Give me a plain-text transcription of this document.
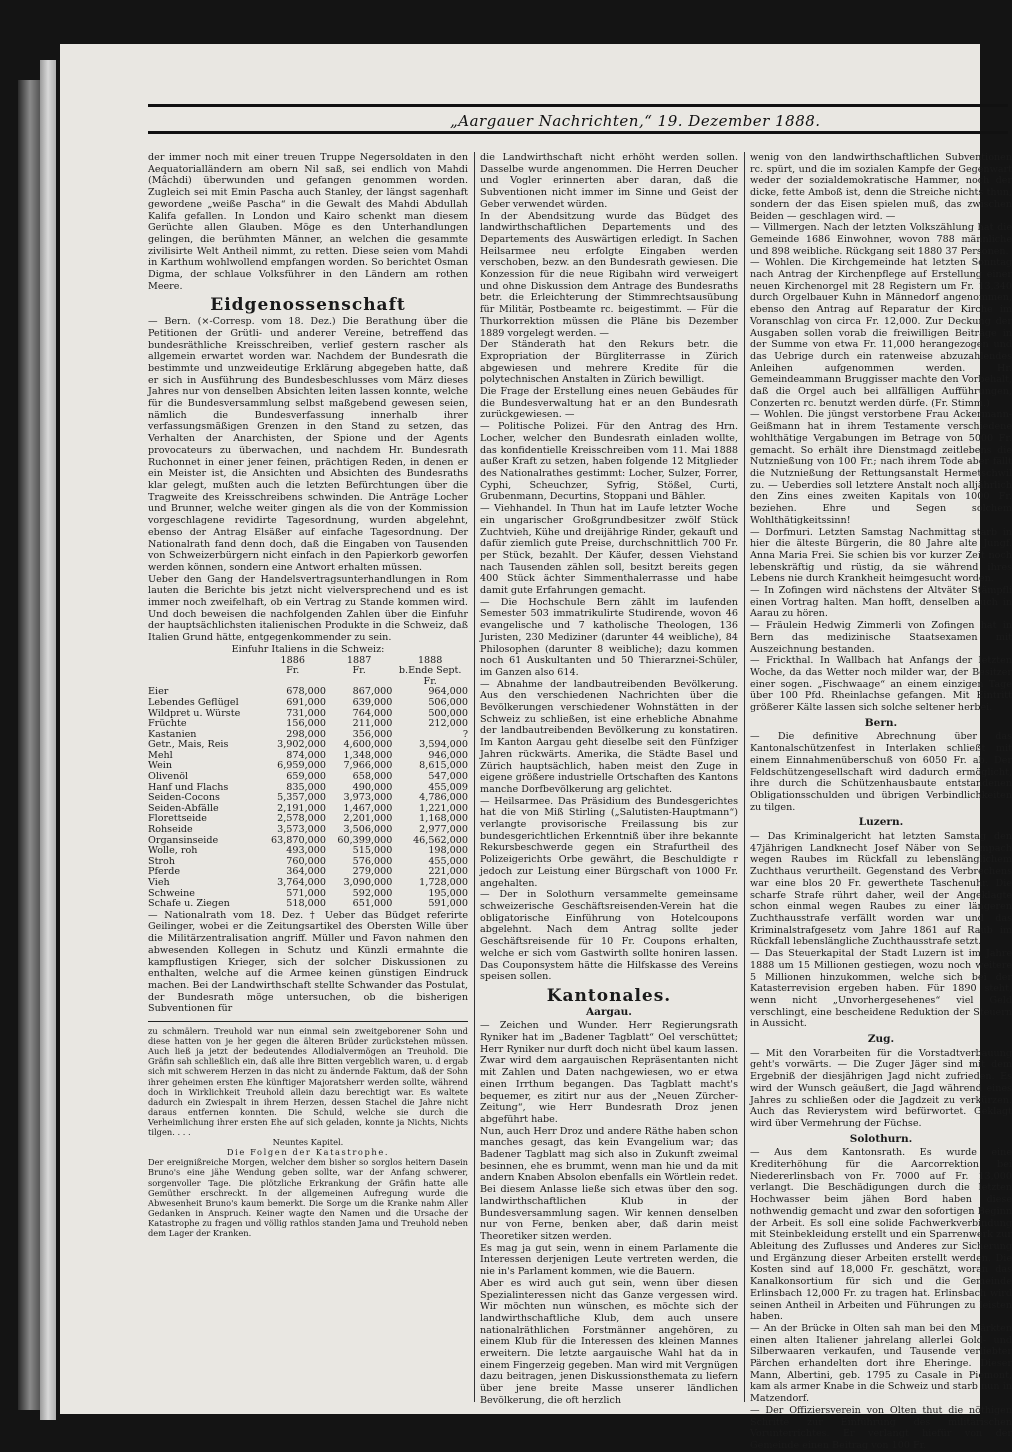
„Aargauer Nachrichten,“ 19. Dezember 1888.

der immer noch mit einer treuen Truppe Negersoldaten in den Aequatorialländern am obern Nil saß, sei endlich von Mahdi (Mâchdi) überwunden und gefangen genommen worden. Zugleich sei mit Emin Pascha auch Stanley, der längst sagenhaft gewordene „weiße Pascha“ in die Gewalt des Mahdi Abdullah Kalifa gefallen. In London und Kairo schenkt man diesem Gerüchte allen Glauben. Möge es den Unterhandlungen gelingen, die berühmten Männer, an welchen die gesammte zivilisirte Welt Antheil nimmt, zu retten. Diese seien vom Mahdi in Karthum wohlwollend empfangen worden. So berichtet Osman Digma, der schlaue Volksführer in den Ländern am rothen Meere.

Eidgenossenschaft

— Bern. (×-Corresp. vom 18. Dez.) Die Berathung über die Petitionen der Grütli- und anderer Vereine, betreffend das bundesräthliche Kreisschreiben, verlief gestern rascher als allgemein erwartet worden war. Nachdem der Bundesrath die bestimmte und unzweideutige Erklärung abgegeben hatte, daß er sich in Ausführung des Bundesbeschlusses vom März dieses Jahres nur von denselben Absichten leiten lassen konnte, welche für die Bundesversammlung selbst maßgebend gewesen seien, nämlich die Bundesverfassung innerhalb ihrer verfassungsmäßigen Grenzen in den Stand zu setzen, das Verhalten der Anarchisten, der Spione und der Agents provocateurs zu überwachen, und nachdem Hr. Bundesrath Ruchonnet in einer jener feinen, prächtigen Reden, in denen er ein Meister ist, die Ansichten und Absichten des Bundesraths klar gelegt, mußten auch die letzten Befürchtungen über die Tragweite des Kreisschreibens schwinden. Die Anträge Locher und Brunner, welche weiter gingen als die von der Kommission vorgeschlagene revidirte Tagesordnung, wurden abgelehnt, ebenso der Antrag Elsäßer auf einfache Tagesordnung. Der Nationalrath fand denn doch, daß die Eingaben von Tausenden von Schweizerbürgern nicht einfach in den Papierkorb geworfen werden können, sondern eine Antwort erhalten müssen.

Ueber den Gang der Handelsvertragsunterhandlungen in Rom lauten die Berichte bis jetzt nicht vielversprechend und es ist immer noch zweifelhaft, ob ein Vertrag zu Stande kommen wird. Und doch beweisen die nachfolgenden Zahlen über die Einfuhr der hauptsächlichsten italienischen Produkte in die Schweiz, daß Italien Grund hätte, entgegenkommender zu sein.

Einfuhr Italiens in die Schweiz:

	1886	1887	1888
	Fr.	Fr.	b.Ende Sept.
			Fr.
Eier	678,000	867,000	964,000
Lebendes Geflügel	691,000	639,000	506,000
Wildpret u. Würste	731,000	764,000	500,000
Früchte	156,000	211,000	212,000
Kastanien	298,000	356,000	?
Getr., Mais, Reis	3,902,000	4,600,000	3,594,000
Mehl	874,000	1,348,000	946,000
Wein	6,959,000	7,966,000	8,615,000
Olivenöl	659,000	658,000	547,000
Hanf und Flachs	835,000	490,000	455,009
Seiden-Cocons	5,357,000	3,973,000	4,786,000
Seiden-Abfälle	2,191,000	1,467,000	1,221,000
Florettseide	2,578,000	2,201,000	1,168,000
Rohseide	3,573,000	3,506,000	2,977,000
Organsinseide	63,870,000	60,399,000	46,562,000
Wolle, roh	493,000	515,000	198,000
Stroh	760,000	576,000	455,000
Pferde	364,000	279,000	221,000
Vieh	3,764,000	3,090,000	1,728,000
Schweine	571,000	592,000	195,000
Schafe u. Ziegen	518,000	651,000	591,000

— Nationalrath vom 18. Dez. † Ueber das Büdget referirte Geilinger, wobei er die Zeitungsartikel des Obersten Wille über die Militärzentralisation angriff. Müller und Favon nahmen den abwesenden Kollegen in Schutz und Künzli ermahnte die kampflustigen Krieger, sich der solcher Diskussionen zu enthalten, welche auf die Armee keinen günstigen Eindruck machen. Bei der Landwirthschaft stellte Schwander das Postulat, der Bundesrath möge untersuchen, ob die bisherigen Subventionen für

zu schmälern. Treuhold war nun einmal sein zweitgeborener Sohn und diese hatten von je her gegen die älteren Brüder zurückstehen müssen. Auch ließ ja jetzt der bedeutendes Allodialvermögen an Treuhold. Die Gräfin sah schließlich ein, daß alle ihre Bitten vergeblich waren, u. d ergab sich mit schwerem Herzen in das nicht zu ändernde Faktum, daß der Sohn ihrer geheimen ersten Ehe künftiger Majoratsherr werden sollte, während doch in Wirklichkeit Treuhold allein dazu berechtigt war. Es waltete dadurch ein Zwiespalt in ihrem Herzen, dessen Stachel die Jahre nicht daraus entfernen konnten. Die Schuld, welche sie durch die Verheimlichung ihrer ersten Ehe auf sich geladen, konnte ja Nichts, Nichts tilgen. . . .

Neuntes Kapitel.

Die Folgen der Katastrophe.

Der ereignißreiche Morgen, welcher dem bisher so sorglos heitern Dasein Bruno's eine jähe Wendung geben sollte, war der Anfang schwerer, sorgenvoller Tage. Die plötzliche Erkrankung der Gräfin hatte alle Gemüther erschreckt. In der allgemeinen Aufregung wurde die Abwesenheit Bruno's kaum bemerkt. Die Sorge um die Kranke nahm Aller Gedanken in Anspruch. Keiner wagte den Namen und die Ursache der Katastrophe zu fragen und völlig rathlos standen Jama und Treuhold neben dem Lager der Kranken.

die Landwirthschaft nicht erhöht werden sollen. Dasselbe wurde angenommen. Die Herren Deucher und Vogler erinnerten aber daran, daß die Subventionen nicht immer im Sinne und Geist der Geber verwendet würden.

In der Abendsitzung wurde das Büdget des landwirthschaftlichen Departements und des Departements des Auswärtigen erledigt. In Sachen Heilsarmee neu erfolgte Eingaben werden verschoben, bezw. an den Bundesrath gewiesen. Die Konzession für die neue Rigibahn wird verweigert und ohne Diskussion dem Antrage des Bundesraths betr. die Erleichterung der Stimmrechtsausübung für Militär, Postbeamte rc. beigestimmt. — Für die Thurkorrektion müssen die Pläne bis Dezember 1889 vorgelegt werden. —

Der Ständerath hat den Rekurs betr. die Expropriation der Bürgliterrasse in Zürich abgewiesen und mehrere Kredite für die polytechnischen Anstalten in Zürich bewilligt.

Die Frage der Erstellung eines neuen Gebäudes für die Bundesverwaltung hat er an den Bundesrath zurückgewiesen. —

— Politische Polizei. Für den Antrag des Hrn. Locher, welcher den Bundesrath einladen wollte, das konfidentielle Kreisschreiben vom 11. Mai 1888 außer Kraft zu setzen, haben folgende 12 Mitglieder des Nationalrathes gestimmt: Locher, Sulzer, Forrer, Cyphi, Scheuchzer, Syfrig, Stößel, Curti, Grubenmann, Decurtins, Stoppani und Bähler.

— Viehhandel. In Thun hat im Laufe letzter Woche ein ungarischer Großgrundbesitzer zwölf Stück Zuchtvieh, Kühe und dreijährige Rinder, gekauft und dafür ziemlich gute Preise, durchschnittlich 700 Fr. per Stück, bezahlt. Der Käufer, dessen Viehstand nach Tausenden zählen soll, besitzt bereits gegen 400 Stück ächter Simmenthalerrasse und habe damit gute Erfahrungen gemacht.

— Die Hochschule Bern zählt im laufenden Semester 503 immatrikulirte Studirende, wovon 46 evangelische und 7 katholische Theologen, 136 Juristen, 230 Mediziner (darunter 44 weibliche), 84 Philosophen (darunter 8 weibliche); dazu kommen noch 61 Auskultanten und 50 Thierarznei-Schüler, im Ganzen also 614.

— Abnahme der landbautreibenden Bevölkerung. Aus den verschiedenen Nachrichten über die Bevölkerungen verschiedener Wohnstätten in der Schweiz zu schließen, ist eine erhebliche Abnahme der landbautreibenden Bevölkerung zu konstatiren. Im Kanton Aargau geht dieselbe seit den Fünfziger Jahren rückwärts. Amerika, die Städte Basel und Zürich hauptsächlich, haben meist den Zuge in eigene größere industrielle Ortschaften des Kantons manche Dorfbevölkerung arg gelichtet.

— Heilsarmee. Das Präsidium des Bundesgerichtes hat die von Miß Stirling („Salutisten-Hauptmann“) verlangte provisorische Freilassung bis zur bundesgerichtlichen Erkenntniß über ihre bekannte Rekursbeschwerde gegen ein Strafurtheil des Polizeigerichts Orbe gewährt, die Beschuldigte r jedoch zur Leistung einer Bürgschaft von 1000 Fr. angehalten.

— Der in Solothurn versammelte gemeinsame schweizerische Geschäftsreisenden-Verein hat die obligatorische Einführung von Hotelcoupons abgelehnt. Nach dem Antrag sollte jeder Geschäftsreisende für 10 Fr. Coupons erhalten, welche er sich vom Gastwirth sollte honiren lassen. Das Couponsystem hätte die Hilfskasse des Vereins speisen sollen.

Kantonales.
Aargau.

— Zeichen und Wunder. Herr Regierungsrath Ryniker hat im „Badener Tagblatt“ Oel verschüttet; Herr Ryniker nur durft doch nicht übel kaum lassen. Zwar wird dem aargauischen Repräsentanten nicht mit Zahlen und Daten nachgewiesen, wo er etwa einen Irrthum begangen. Das Tagblatt macht's bequemer, es zitirt nur aus der „Neuen Zürcher-Zeitung“, wie Herr Bundesrath Droz jenen abgeführt habe.

Nun, auch Herr Droz und andere Räthe haben schon manches gesagt, das kein Evangelium war; das Badener Tagblatt mag sich also in Zukunft zweimal besinnen, ehe es brummt, wenn man hie und da mit andern Knaben Absolon ebenfalls ein Wörtlein redet.

Bei diesem Anlasse ließe sich etwas über den sog. landwirthschaftlichen Klub in der Bundesversammlung sagen. Wir kennen denselben nur von Ferne, benken aber, daß darin meist Theoretiker sitzen werden.

Es mag ja gut sein, wenn in einem Parlamente die Interessen derjenigen Leute vertreten werden, die nie in's Parlament kommen, wie die Bauern.

Aber es wird auch gut sein, wenn über diesen Spezialinteressen nicht das Ganze vergessen wird. Wir möchten nun wünschen, es möchte sich der landwirthschaftliche Klub, dem auch unsere nationalräthlichen Forstmänner angehören, zu einem Klub für die Interessen des kleinen Mannes erweitern. Die letzte aargauische Wahl hat da in einem Fingerzeig gegeben. Man wird mit Vergnügen dazu beitragen, jenen Diskussionsthemata zu liefern über jene breite Masse unserer ländlichen Bevölkerung, die oft herzlich

wenig von den landwirthschaftlichen Subventionen rc. spürt, und die im sozialen Kampfe der Gegenwart weder der sozialdemokratische Hammer, noch der dicke, fette Amboß ist, denn die Streiche nichts thun, sondern der das Eisen spielen muß, das zwischen Beiden — geschlagen wird. —

— Villmergen. Nach der letzten Volkszählung hat die Gemeinde 1686 Einwohner, wovon 788 männliche und 898 weibliche. Rückgang seit 1880 37 Personen.

— Wohlen. Die Kirchgemeinde hat letzten Sonntag nach Antrag der Kirchenpflege auf Erstellung einer neuen Kirchenorgel mit 28 Registern um Fr. 13,340 durch Orgelbauer Kuhn in Männedorf angenommen, ebenso den Antrag auf Reparatur der Kirche im Voranschlag von circa Fr. 12,000. Zur Deckung der Ausgaben sollen vorab die freiwilligen Beiträge in der Summe von etwa Fr. 11,000 herangezogen und das Uebrige durch ein ratenweise abzuzahlendes Anleihen aufgenommen werden. Hr. Gemeindeammann Bruggisser machte den Vorbehalt, daß die Orgel auch bei allfälligen Aufführungen, Conzerten rc. benutzt werden dürfe. (Fr. Stimm.)

— Wohlen. Die jüngst verstorbene Frau Ackermann-Geißmann hat in ihrem Testamente verschiedene wohlthätige Vergabungen im Betrage von 5000 Fr. gemacht. So erhält ihre Dienstmagd zeitlebens die Nutznießung von 100 Fr.; nach ihrem Tode aber fällt die Nutznießung der Rettungsanstalt Hermetschwil zu. — Ueberdies soll letztere Anstalt noch alljährlich den Zins eines zweiten Kapitals von 1000 Fr. beziehen. Ehre und Segen solchem Wohlthätigkeitssinn!

— Dorfmuri. Letzten Samstag Nachmittag starb in hier die älteste Bürgerin, die 80 Jahre alte Jungf. Anna Maria Frei. Sie schien bis vor kurzer Zeit noch lebenskräftig und rüstig, da sie während ihres Lebens nie durch Krankheit heimgesucht worden.

— In Zofingen wird nächstens der Altväter Stämpfli einen Vortrag halten. Man hofft, denselben auch in Aarau zu hören.

— Fräulein Hedwig Zimmerli von Zofingen hat in Bern das medizinische Staatsexamen mit Auszeichnung bestanden.

— Frickthal. In Wallbach hat Anfangs der letzten Woche, da das Wetter noch milder war, der Besitzer einer sogen. „Fischwaage“ an einem einzigen Tage über 100 Pfd. Rheinlachse gefangen. Mit Eintritt größerer Kälte lassen sich solche seltener herbei.

Bern.

— Die definitive Abrechnung über das Kantonalschützenfest in Interlaken schließt mit einem Einnahmenüberschuß von 6050 Fr. ab. Der Feldschützengesellschaft wird dadurch ermöglicht, ihre durch die Schützenhausbaute entstandenen Obligationsschulden und übrigen Verbindlichkeiten zu tilgen.

Luzern.

— Das Kriminalgericht hat letzten Samstag den 47jährigen Landknecht Josef Näber von Sempach wegen Raubes im Rückfall zu lebenslänglichem Zuchthaus verurtheilt. Gegenstand des Verbrechens war eine blos 20 Fr. gewerthete Taschenuhr. Die scharfe Strafe rührt daher, weil der Angeklagte schon einmal wegen Raubes zu einer längeren Zuchthausstrafe verfällt worden war und das Kriminalstrafgesetz vom Jahre 1861 auf Raub im Rückfall lebenslängliche Zuchthausstrafe setzt.

— Das Steuerkapital der Stadt Luzern ist im Jahre 1888 um 15 Millionen gestiegen, wozu noch weitere 5 Millionen hinzukommen, welche sich bei der Katasterrevision ergeben haben. Für 1890 steht, wenn nicht „Unvorhergesehenes“ viel Geld verschlingt, eine bescheidene Reduktion der Steuern in Aussicht.

Zug.

— Mit den Vorarbeiten für die Vorstadtverbauung geht's vorwärts. — Die Zuger Jäger sind mit dem Ergebniß der diesjährigen Jagd nicht zufrieden. Es wird der Wunsch geäußert, die Jagd während eines Jahres zu schließen oder die Jagdzeit zu verkürzen. Auch das Revierystem wird befürwortet. Geklagt wird über Vermehrung der Füchse.

Solothurn.

— Aus dem Kantonsrath. Es wurde eine Krediterhöhung für die Aarcorrektion bei Niedererlinsbach von Fr. 7000 auf Fr. 13,000 verlangt. Die Beschädigungen durch die letzten Hochwasser beim jähen Bord haben diese nothwendig gemacht und zwar den sofortigen Beginn der Arbeit. Es soll eine solide Fachwerkverbindung mit Steinbekleidung erstellt und ein Sparrenwerk zur Ableitung des Zuflusses und Anderes zur Sicherung und Ergänzung dieser Arbeiten erstellt werden. Die Kosten sind auf 18,000 Fr. geschätzt, woran das Kanalkonsortium für sich und die Gemeinde Erlinsbach 12,000 Fr. zu tragen hat. Erlinsbach wird seinen Antheil in Arbeiten und Führungen zu leisten haben.

— An der Brücke in Olten sah man bei den Märkten einen alten Italiener jahrelang allerlei Gold- und Silberwaaren verkaufen, und Tausende verliebter Pärchen erhandelten dort ihre Eheringe. Dieser Mann, Albertini, geb. 1795 zu Casale in Piemont, kam als armer Knabe in die Schweiz und starb nun in Matzendorf.

— Der Offiziersverein von Olten thut die nöthigen Schritte zur Einführung des militärischen Vorunterrichtes. Er verlangt hiefür von der Gemeinde einen Beitrag von 100 Fr.
